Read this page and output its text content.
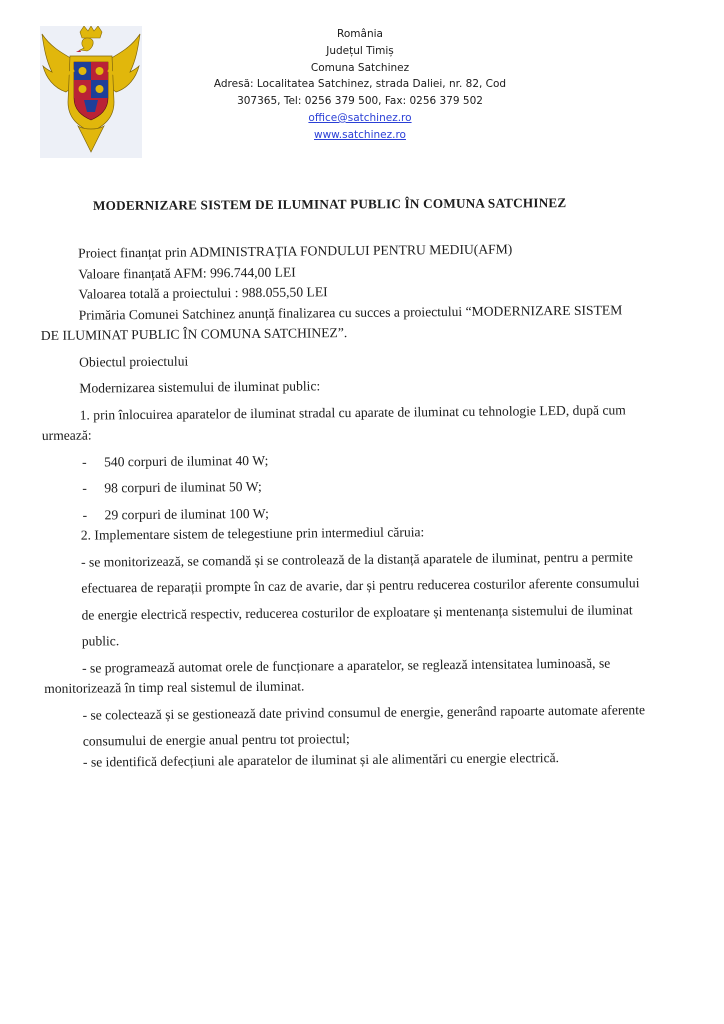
România
Județul Timiș
Comuna Satchinez
Adresă: Localitatea Satchinez, strada Daliei, nr. 82, Cod 307365, Tel: 0256 379 500, Fax: 0256 379 502
office@satchinez.ro
www.satchinez.ro
MODERNIZARE SISTEM DE ILUMINAT PUBLIC ÎN COMUNA SATCHINEZ

Proiect finanțat prin ADMINISTRAȚIA FONDULUI PENTRU MEDIU(AFM)

Valoare finanțată AFM: 996.744,00 LEI

Valoarea totală a proiectului : 988.055,50 LEI

Primăria Comunei Satchinez anunță finalizarea cu succes a proiectului “MODERNIZARE SISTEM

DE ILUMINAT PUBLIC ÎN COMUNA SATCHINEZ”.

Obiectul proiectului

Modernizarea sistemului de iluminat public:

1. prin înlocuirea aparatelor de iluminat stradal cu aparate de iluminat cu tehnologie LED, după cum

urmează:

- 540 corpuri de iluminat 40 W;

- 98 corpuri de iluminat 50 W;

- 29 corpuri de iluminat 100 W;

2. Implementare sistem de telegestiune prin intermediul căruia:

- se monitorizează, se comandă și se controlează de la distanță aparatele de iluminat, pentru a permite

efectuarea de reparații prompte în caz de avarie, dar și pentru reducerea costurilor aferente consumului

de energie electrică respectiv, reducerea costurilor de exploatare și mentenanța sistemului de iluminat

public.

- se programează automat orele de funcționare a aparatelor, se reglează intensitatea luminoasă, se

monitorizează în timp real sistemul de iluminat.

- se colectează și se gestionează date privind consumul de energie, generând rapoarte automate aferente

consumului de energie anual pentru tot proiectul;

- se identifică defecțiuni ale aparatelor de iluminat și ale alimentări cu energie electrică.
